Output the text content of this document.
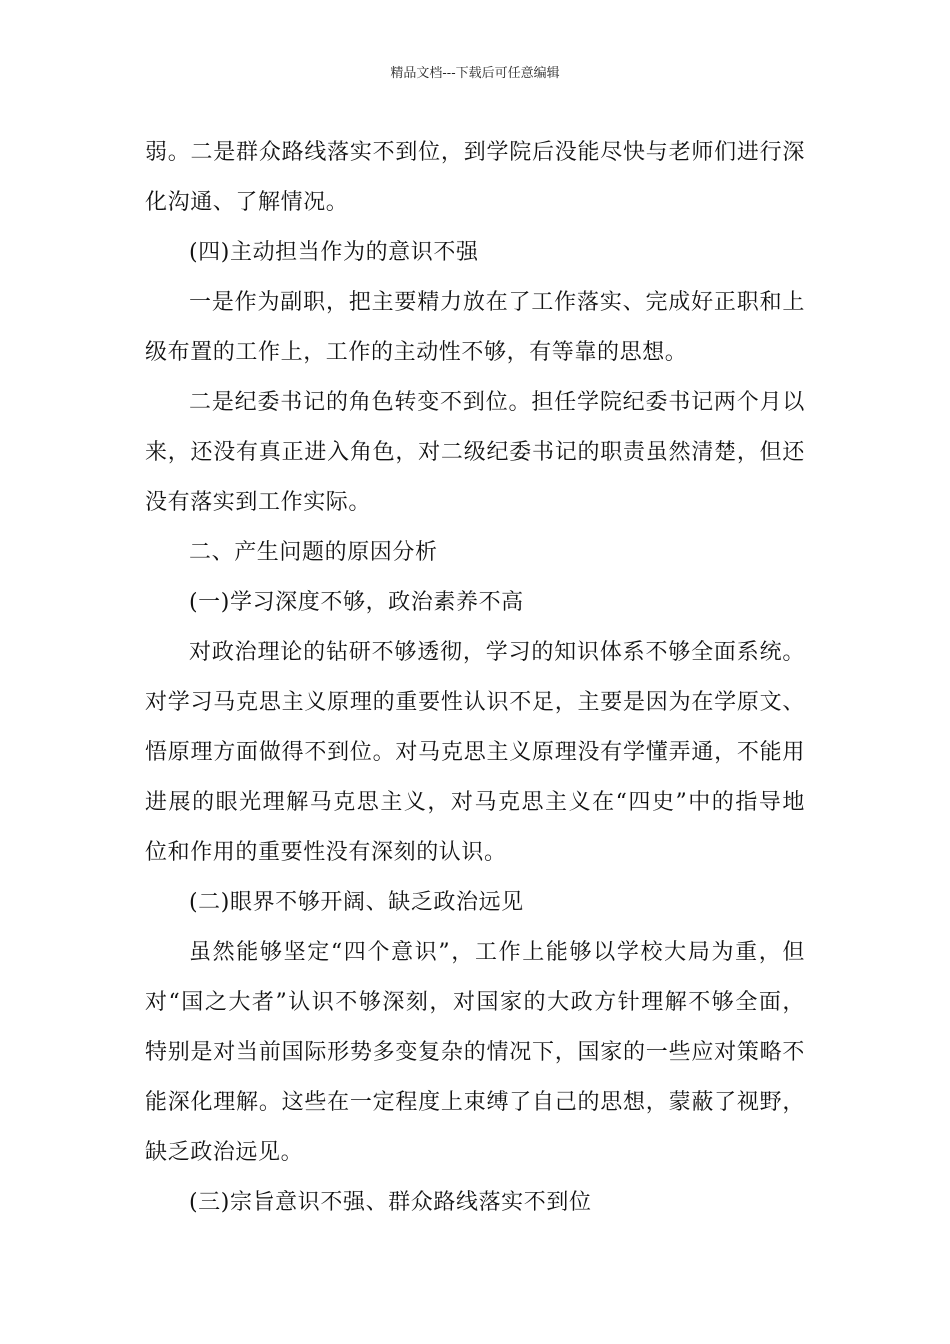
精品文档---下载后可任意编辑
弱。二是群众路线落实不到位，到学院后没能尽快与老师们进行深
化沟通、了解情况。
(四)主动担当作为的意识不强
一是作为副职，把主要精力放在了工作落实、完成好正职和上
级布置的工作上，工作的主动性不够，有等靠的思想。
二是纪委书记的角色转变不到位。担任学院纪委书记两个月以
来，还没有真正进入角色，对二级纪委书记的职责虽然清楚，但还
没有落实到工作实际。
二、产生问题的原因分析
(一)学习深度不够，政治素养不高
对政治理论的钻研不够透彻，学习的知识体系不够全面系统。
对学习马克思主义原理的重要性认识不足，主要是因为在学原文、
悟原理方面做得不到位。对马克思主义原理没有学懂弄通，不能用
进展的眼光理解马克思主义，对马克思主义在“四史”中的指导地
位和作用的重要性没有深刻的认识。
(二)眼界不够开阔、缺乏政治远见
虽然能够坚定“四个意识”，工作上能够以学校大局为重，但
对“国之大者”认识不够深刻，对国家的大政方针理解不够全面，
特别是对当前国际形势多变复杂的情况下，国家的一些应对策略不
能深化理解。这些在一定程度上束缚了自己的思想，蒙蔽了视野，
缺乏政治远见。
(三)宗旨意识不强、群众路线落实不到位
